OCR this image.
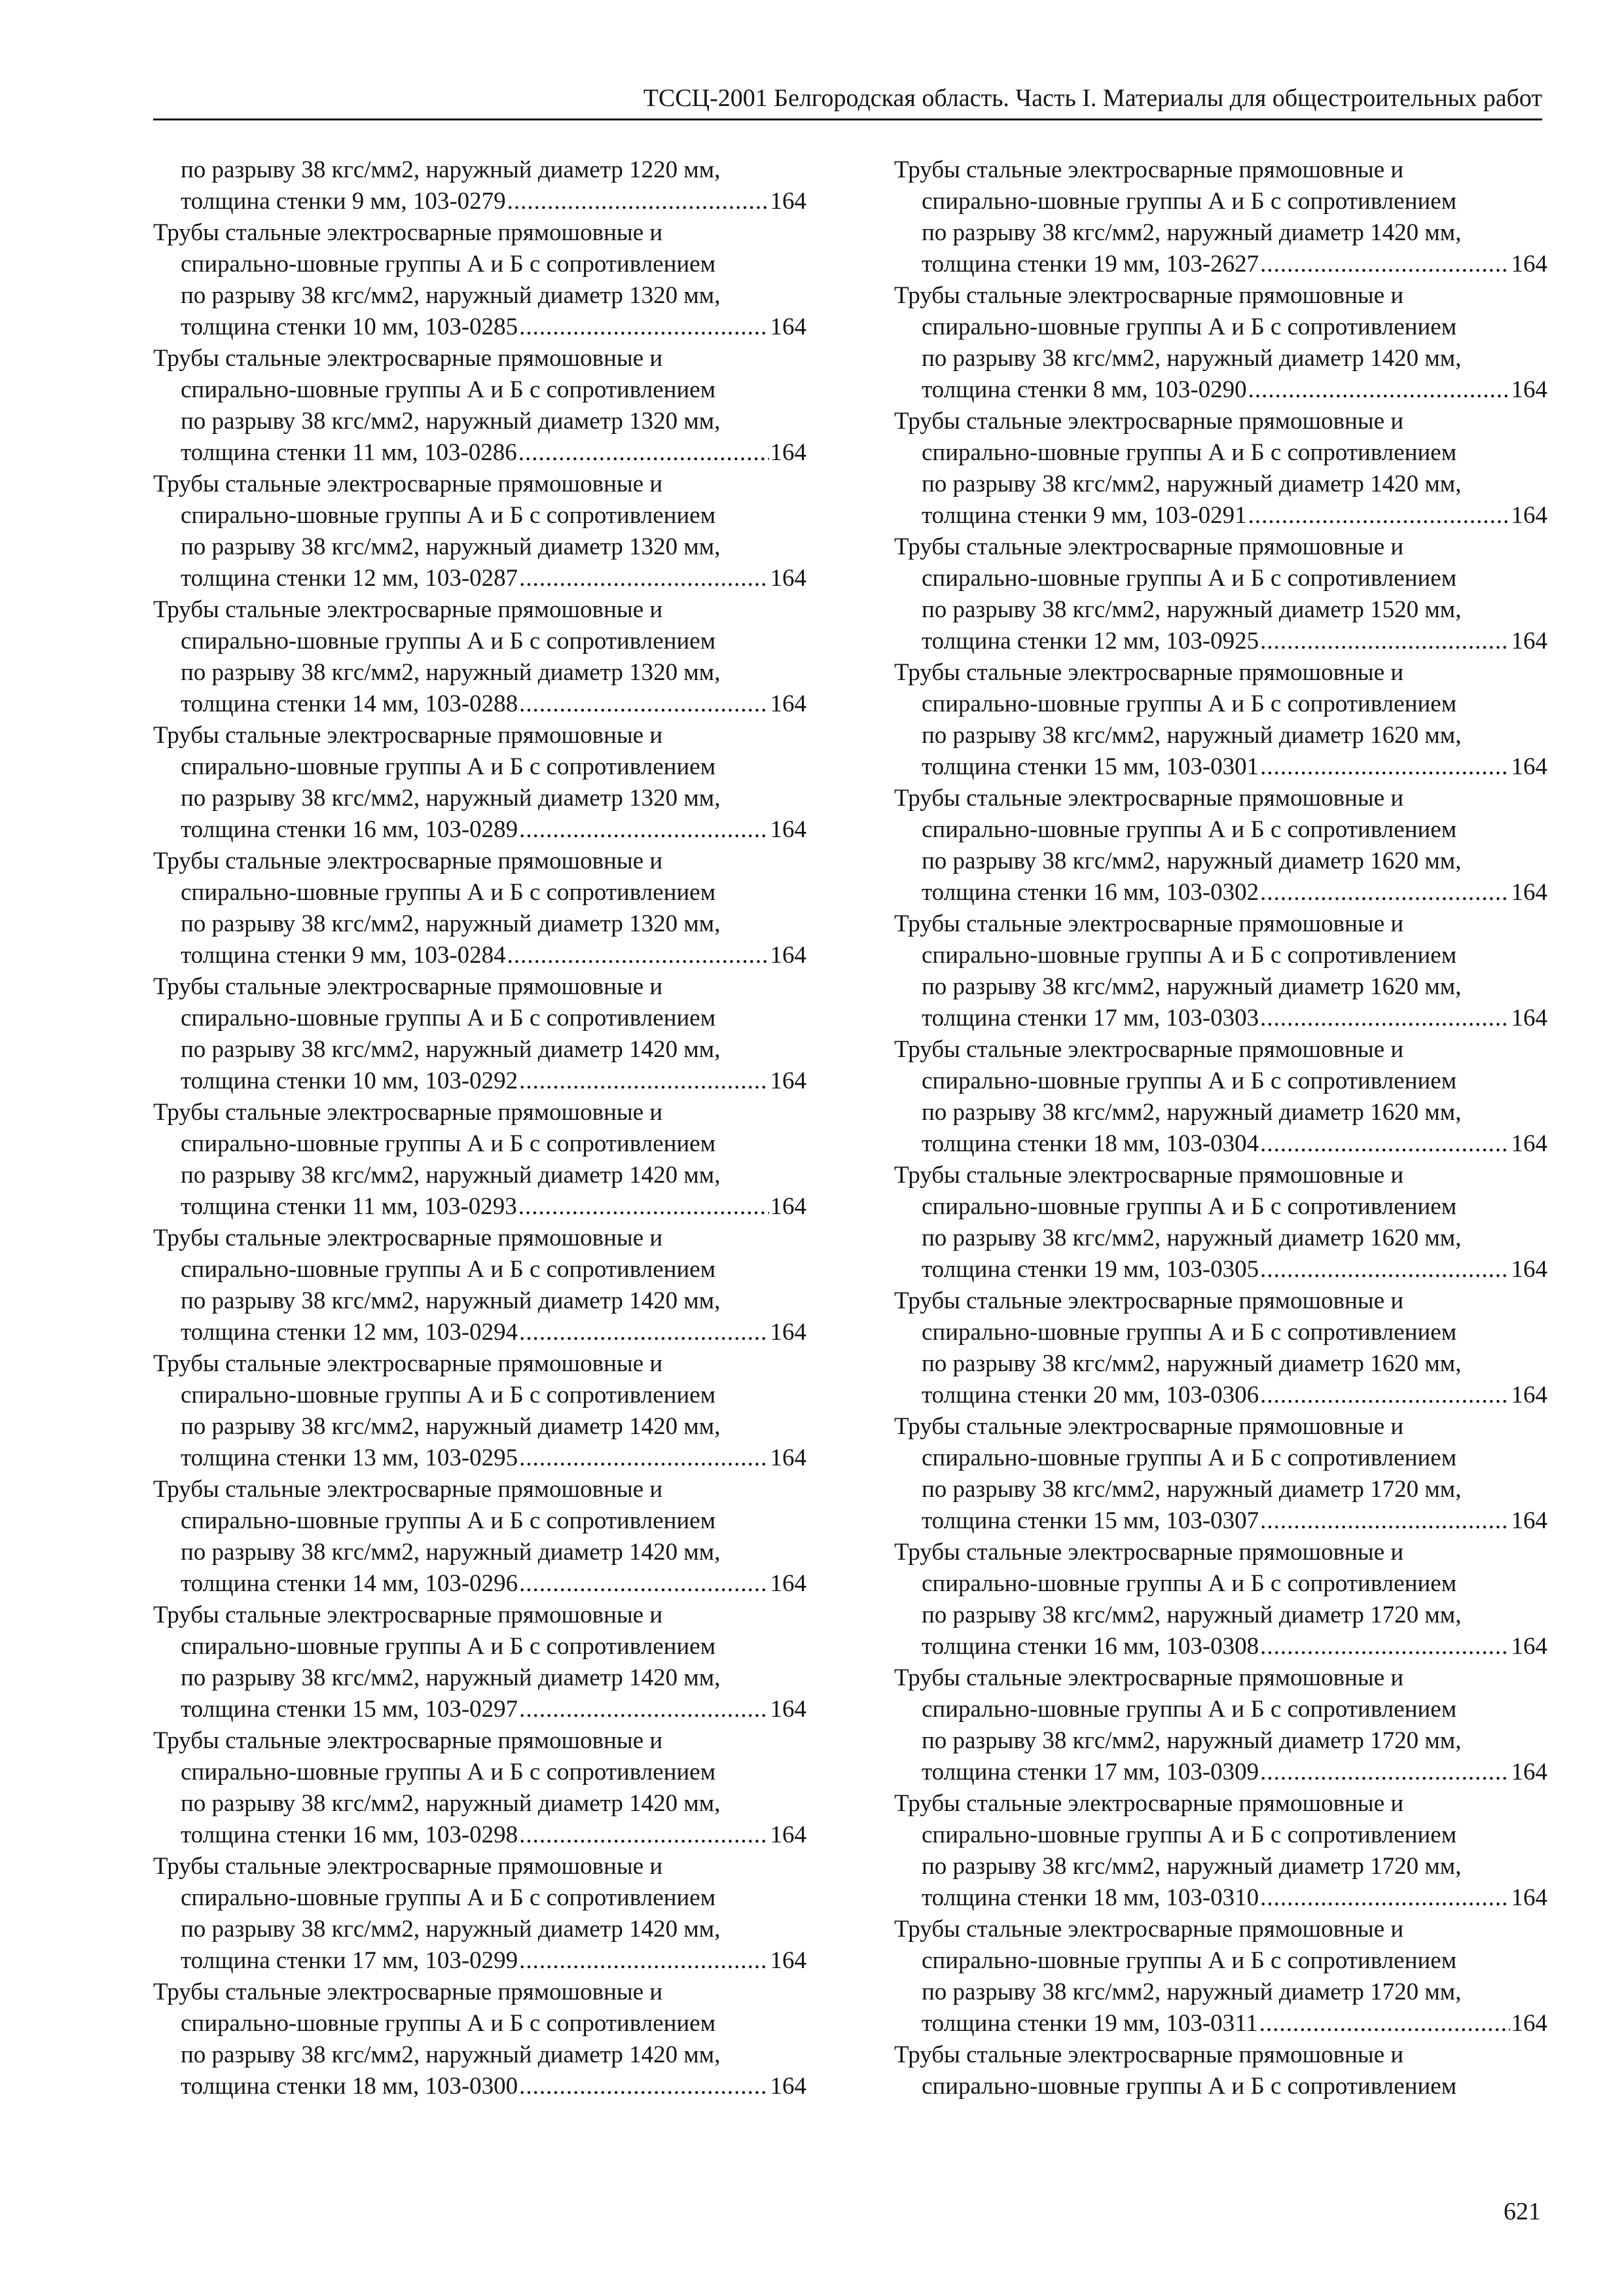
ТССЦ-2001 Белгородская область. Часть I. Материалы для общестроительных работ
по разрыву 38 кгс/мм2, наружный диаметр 1220 мм,
толщина стенки 9 мм, 103-0279 .....	164
Трубы стальные электросварные прямошовные и
спирально-шовные группы А и Б с сопротивлением
по разрыву 38 кгс/мм2, наружный диаметр 1320 мм,
толщина стенки 10 мм, 103-0285 .....	164
Трубы стальные электросварные прямошовные и
спирально-шовные группы А и Б с сопротивлением
по разрыву 38 кгс/мм2, наружный диаметр 1320 мм,
толщина стенки 11 мм, 103-0286 .....	164
Трубы стальные электросварные прямошовные и
спирально-шовные группы А и Б с сопротивлением
по разрыву 38 кгс/мм2, наружный диаметр 1320 мм,
толщина стенки 12 мм, 103-0287 .....	164
Трубы стальные электросварные прямошовные и
спирально-шовные группы А и Б с сопротивлением
по разрыву 38 кгс/мм2, наружный диаметр 1320 мм,
толщина стенки 14 мм, 103-0288 .....	164
Трубы стальные электросварные прямошовные и
спирально-шовные группы А и Б с сопротивлением
по разрыву 38 кгс/мм2, наружный диаметр 1320 мм,
толщина стенки 16 мм, 103-0289 .....	164
Трубы стальные электросварные прямошовные и
спирально-шовные группы А и Б с сопротивлением
по разрыву 38 кгс/мм2, наружный диаметр 1320 мм,
толщина стенки 9 мм, 103-0284 .....	164
Трубы стальные электросварные прямошовные и
спирально-шовные группы А и Б с сопротивлением
по разрыву 38 кгс/мм2, наружный диаметр 1420 мм,
толщина стенки 10 мм, 103-0292 .....	164
Трубы стальные электросварные прямошовные и
спирально-шовные группы А и Б с сопротивлением
по разрыву 38 кгс/мм2, наружный диаметр 1420 мм,
толщина стенки 11 мм, 103-0293 .....	164
Трубы стальные электросварные прямошовные и
спирально-шовные группы А и Б с сопротивлением
по разрыву 38 кгс/мм2, наружный диаметр 1420 мм,
толщина стенки 12 мм, 103-0294 .....	164
Трубы стальные электросварные прямошовные и
спирально-шовные группы А и Б с сопротивлением
по разрыву 38 кгс/мм2, наружный диаметр 1420 мм,
толщина стенки 13 мм, 103-0295 .....	164
Трубы стальные электросварные прямошовные и
спирально-шовные группы А и Б с сопротивлением
по разрыву 38 кгс/мм2, наружный диаметр 1420 мм,
толщина стенки 14 мм, 103-0296 .....	164
Трубы стальные электросварные прямошовные и
спирально-шовные группы А и Б с сопротивлением
по разрыву 38 кгс/мм2, наружный диаметр 1420 мм,
толщина стенки 15 мм, 103-0297 .....	164
Трубы стальные электросварные прямошовные и
спирально-шовные группы А и Б с сопротивлением
по разрыву 38 кгс/мм2, наружный диаметр 1420 мм,
толщина стенки 16 мм, 103-0298 .....	164
Трубы стальные электросварные прямошовные и
спирально-шовные группы А и Б с сопротивлением
по разрыву 38 кгс/мм2, наружный диаметр 1420 мм,
толщина стенки 17 мм, 103-0299 .....	164
Трубы стальные электросварные прямошовные и
спирально-шовные группы А и Б с сопротивлением
по разрыву 38 кгс/мм2, наружный диаметр 1420 мм,
толщина стенки 18 мм, 103-0300 .....	164
Трубы стальные электросварные прямошовные и
спирально-шовные группы А и Б с сопротивлением
по разрыву 38 кгс/мм2, наружный диаметр 1420 мм,
толщина стенки 19 мм, 103-2627 .....	164
Трубы стальные электросварные прямошовные и
спирально-шовные группы А и Б с сопротивлением
по разрыву 38 кгс/мм2, наружный диаметр 1420 мм,
толщина стенки 8 мм, 103-0290 .....	164
Трубы стальные электросварные прямошовные и
спирально-шовные группы А и Б с сопротивлением
по разрыву 38 кгс/мм2, наружный диаметр 1420 мм,
толщина стенки 9 мм, 103-0291 .....	164
Трубы стальные электросварные прямошовные и
спирально-шовные группы А и Б с сопротивлением
по разрыву 38 кгс/мм2, наружный диаметр 1520 мм,
толщина стенки 12 мм, 103-0925 .....	164
Трубы стальные электросварные прямошовные и
спирально-шовные группы А и Б с сопротивлением
по разрыву 38 кгс/мм2, наружный диаметр 1620 мм,
толщина стенки 15 мм, 103-0301 .....	164
Трубы стальные электросварные прямошовные и
спирально-шовные группы А и Б с сопротивлением
по разрыву 38 кгс/мм2, наружный диаметр 1620 мм,
толщина стенки 16 мм, 103-0302 .....	164
Трубы стальные электросварные прямошовные и
спирально-шовные группы А и Б с сопротивлением
по разрыву 38 кгс/мм2, наружный диаметр 1620 мм,
толщина стенки 17 мм, 103-0303 .....	164
Трубы стальные электросварные прямошовные и
спирально-шовные группы А и Б с сопротивлением
по разрыву 38 кгс/мм2, наружный диаметр 1620 мм,
толщина стенки 18 мм, 103-0304 .....	164
Трубы стальные электросварные прямошовные и
спирально-шовные группы А и Б с сопротивлением
по разрыву 38 кгс/мм2, наружный диаметр 1620 мм,
толщина стенки 19 мм, 103-0305 .....	164
Трубы стальные электросварные прямошовные и
спирально-шовные группы А и Б с сопротивлением
по разрыву 38 кгс/мм2, наружный диаметр 1620 мм,
толщина стенки 20 мм, 103-0306 .....	164
Трубы стальные электросварные прямошовные и
спирально-шовные группы А и Б с сопротивлением
по разрыву 38 кгс/мм2, наружный диаметр 1720 мм,
толщина стенки 15 мм, 103-0307 .....	164
Трубы стальные электросварные прямошовные и
спирально-шовные группы А и Б с сопротивлением
по разрыву 38 кгс/мм2, наружный диаметр 1720 мм,
толщина стенки 16 мм, 103-0308 .....	164
Трубы стальные электросварные прямошовные и
спирально-шовные группы А и Б с сопротивлением
по разрыву 38 кгс/мм2, наружный диаметр 1720 мм,
толщина стенки 17 мм, 103-0309 .....	164
Трубы стальные электросварные прямошовные и
спирально-шовные группы А и Б с сопротивлением
по разрыву 38 кгс/мм2, наружный диаметр 1720 мм,
толщина стенки 18 мм, 103-0310 .....	164
Трубы стальные электросварные прямошовные и
спирально-шовные группы А и Б с сопротивлением
по разрыву 38 кгс/мм2, наружный диаметр 1720 мм,
толщина стенки 19 мм, 103-0311 .....	164
Трубы стальные электросварные прямошовные и
спирально-шовные группы А и Б с сопротивлением
621
